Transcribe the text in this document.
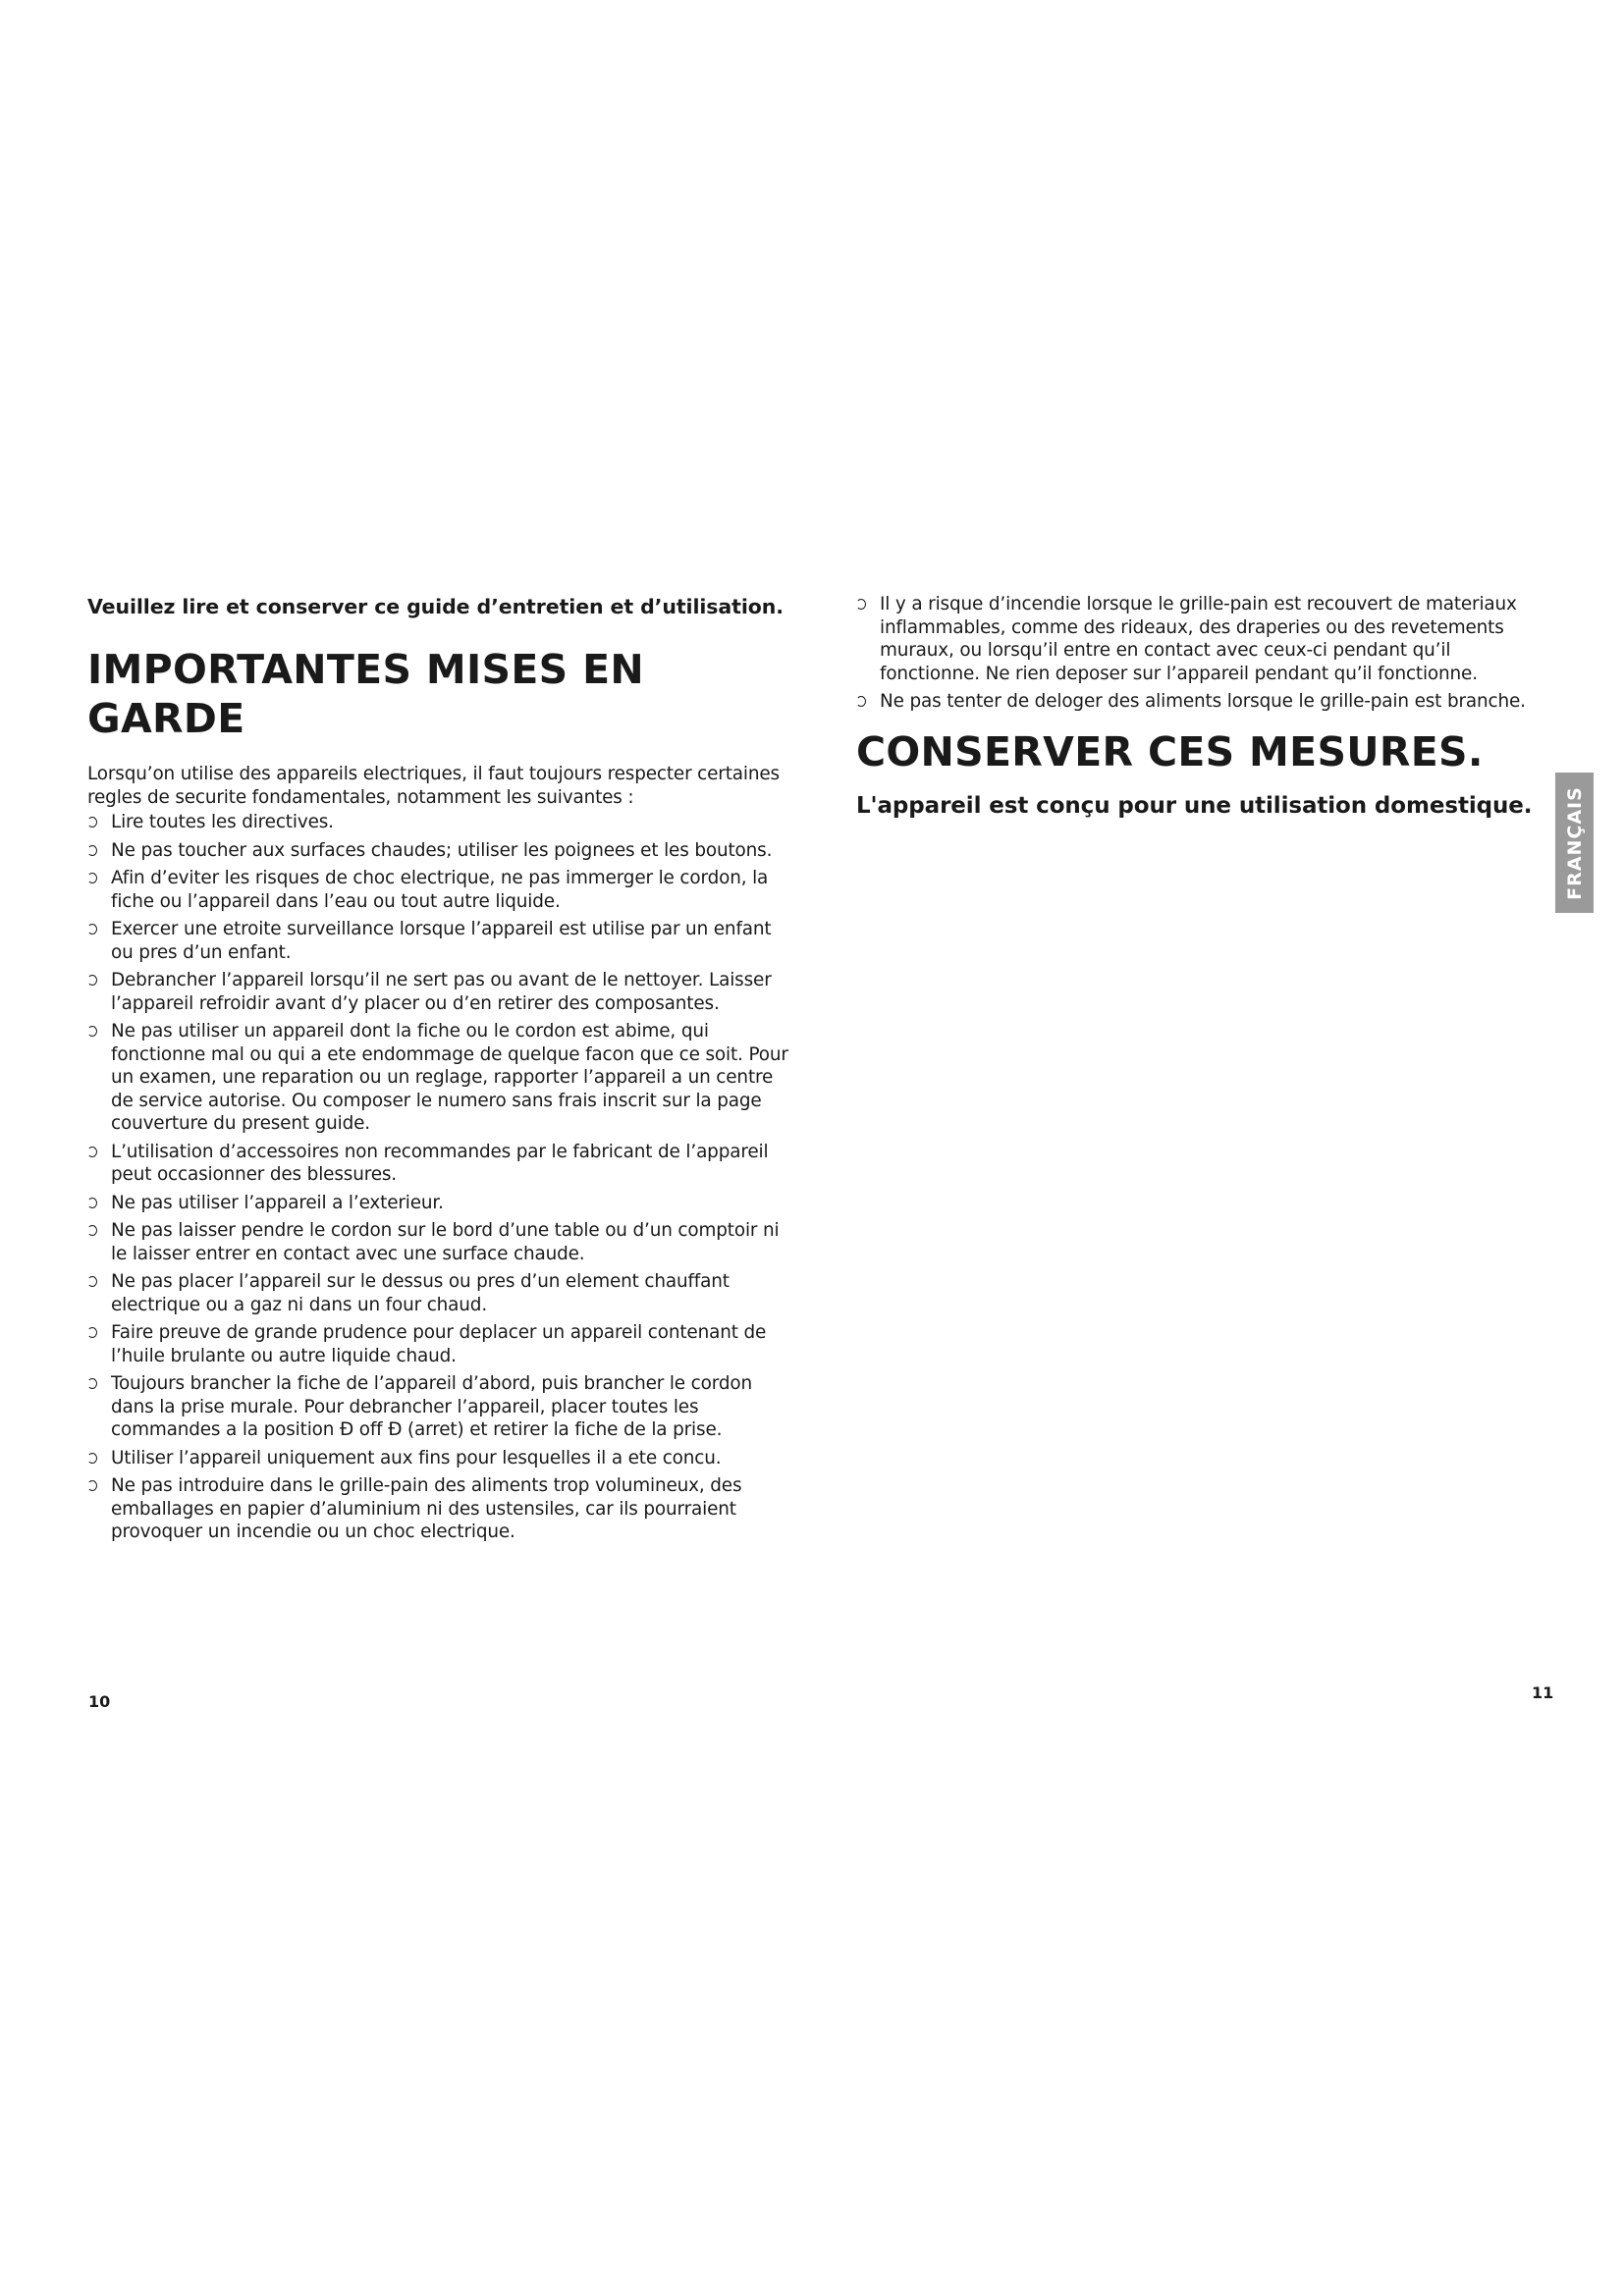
Veuillez lire et conserver ce guide d’entretien et d’utilisation.

IMPORTANTES MISES EN GARDE

Lorsqu’on utilise des appareils electriques, il faut toujours respecter certaines regles de securite fondamentales, notamment les suivantes :

Lire toutes les directives.
Ne pas toucher aux surfaces chaudes; utiliser les poignees et les boutons.
Afin d’eviter les risques de choc electrique, ne pas immerger le cordon, la fiche ou l’appareil dans l’eau ou tout autre liquide.
Exercer une etroite surveillance lorsque l’appareil est utilise par un enfant ou pres d’un enfant.
Debrancher l’appareil lorsqu’il ne sert pas ou avant de le nettoyer. Laisser l’appareil refroidir avant d’y placer ou d’en retirer des composantes.
Ne pas utiliser un appareil dont la fiche ou le cordon est abime, qui fonctionne mal ou qui a ete endommage de quelque facon que ce soit. Pour un examen, une reparation ou un reglage, rapporter l’appareil a un centre de service autorise. Ou composer le numero sans frais inscrit sur la page couverture du present guide.
L’utilisation d’accessoires non recommandes par le fabricant de l’appareil peut occasionner des blessures.
Ne pas utiliser l’appareil a l’exterieur.
Ne pas laisser pendre le cordon sur le bord d’une table ou d’un comptoir ni le laisser entrer en contact avec une surface chaude.
Ne pas placer l’appareil sur le dessus ou pres d’un element chauffant electrique ou a gaz ni dans un four chaud.
Faire preuve de grande prudence pour deplacer un appareil contenant de l’huile brulante ou autre liquide chaud.
Toujours brancher la fiche de l’appareil d’abord, puis brancher le cordon dans la prise murale. Pour debrancher l’appareil, placer toutes les commandes a la position Ð off Ð (arret) et retirer la fiche de la prise.
Utiliser l’appareil uniquement aux fins pour lesquelles il a ete concu.
Ne pas introduire dans le grille-pain des aliments trop volumineux, des emballages en papier d’aluminium ni des ustensiles, car ils pourraient provoquer un incendie ou un choc electrique.
Il y a risque d’incendie lorsque le grille-pain est recouvert de materiaux inflammables, comme des rideaux, des draperies ou des revetements muraux, ou lorsqu’il entre en contact avec ceux-ci pendant qu’il fonctionne. Ne rien deposer sur l’appareil pendant qu’il fonctionne.
Ne pas tenter de deloger des aliments lorsque le grille-pain est branche.
CONSERVER CES MESURES.

L'appareil est conçu pour une utilisation domestique. FRANÇAIS
10	11
